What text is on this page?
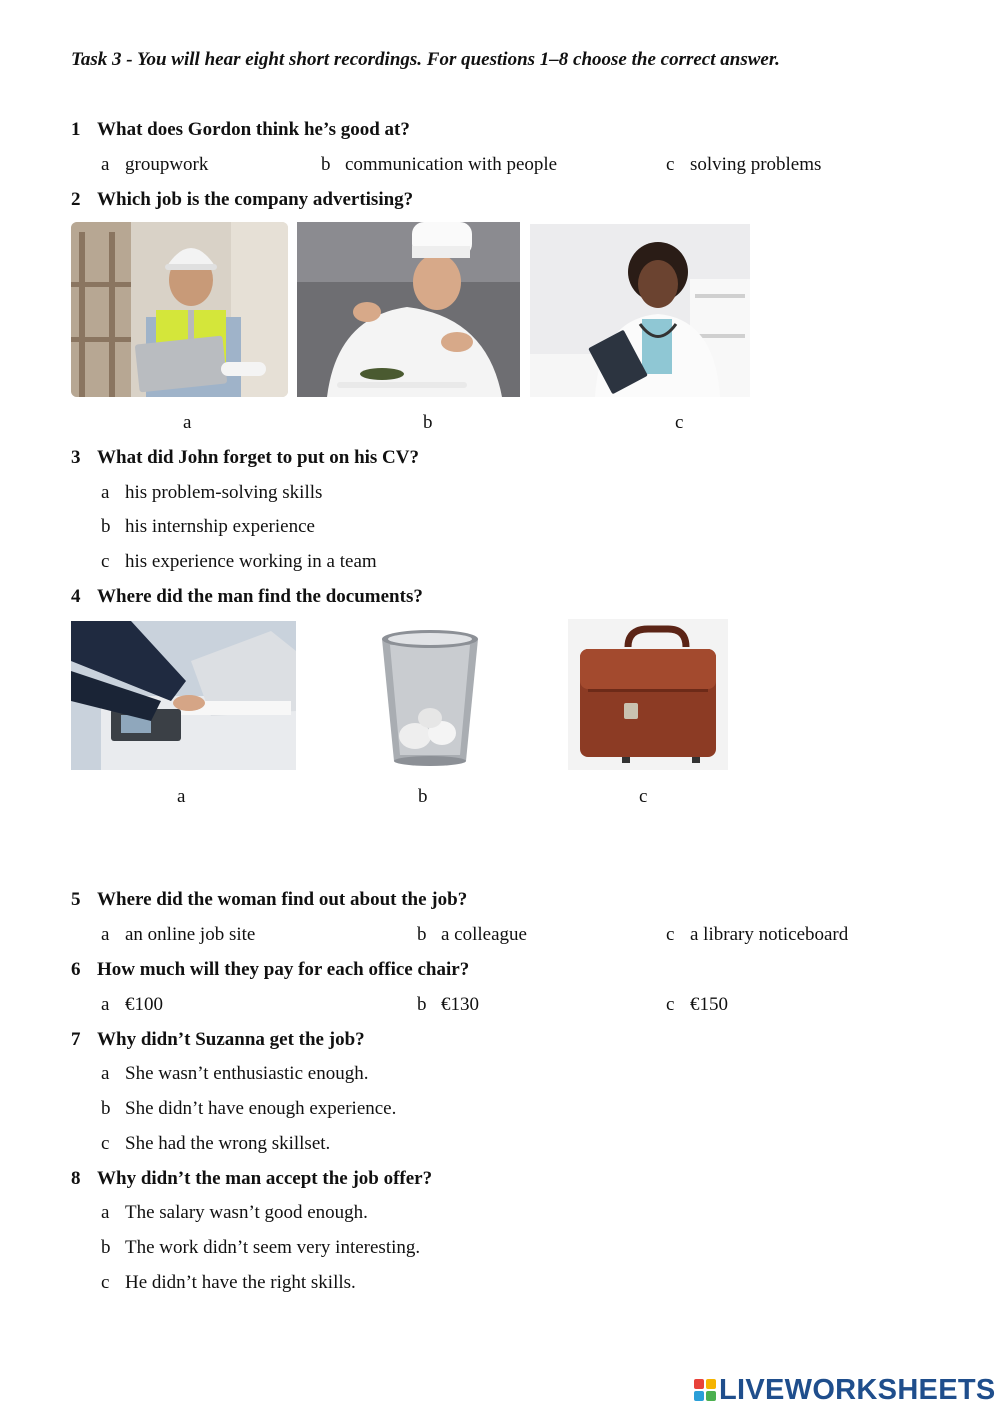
Task 3 - You will hear eight short recordings. For questions 1–8 choose the correct answer.
1 What does Gordon think he’s good at?
a groupwork	b communication with people	c solving problems
2 Which job is the company advertising?
a	b	c
3 What did John forget to put on his CV?
a his problem-solving skills
b his internship experience
c his experience working in a team
4 Where did the man find the documents?
a	b	c
5 Where did the woman find out about the job?
a an online job site	b a colleague	c a library noticeboard
6 How much will they pay for each office chair?
a €100	b €130	c €150
7 Why didn’t Suzanna get the job?
a She wasn’t enthusiastic enough.
b She didn’t have enough experience.
c She had the wrong skillset.
8 Why didn’t the man accept the job offer?
a The salary wasn’t good enough.
b The work didn’t seem very interesting.
c He didn’t have the right skills.
LIVEWORKSHEETS
